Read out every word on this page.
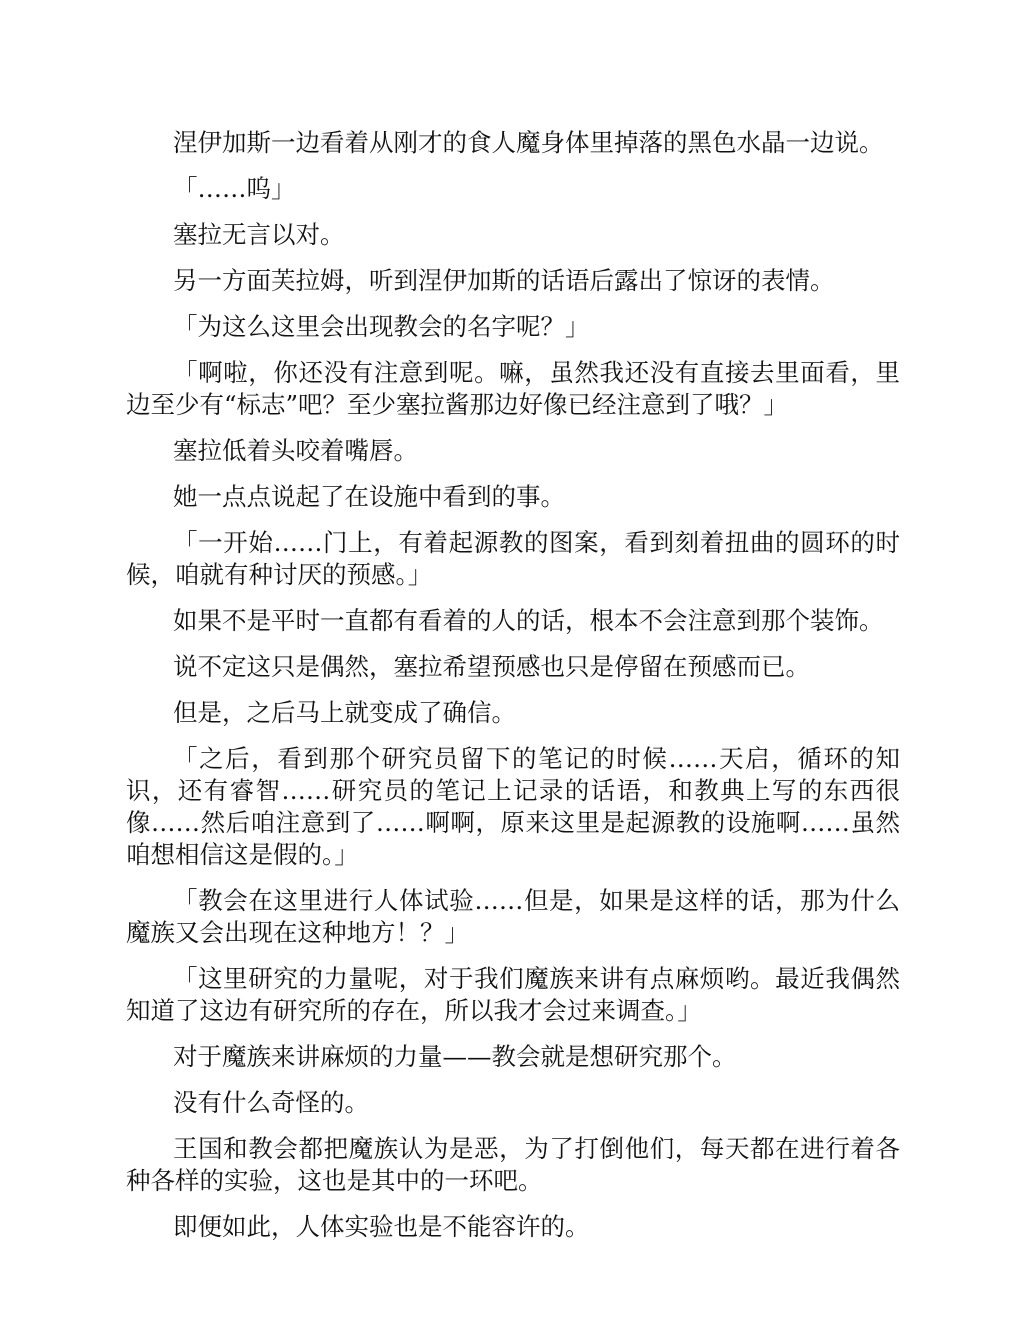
涅伊加斯一边看着从刚才的食人魔身体里掉落的黑色水晶一边说。

「……呜」

塞拉无言以对。

另一方面芙拉姆，听到涅伊加斯的话语后露出了惊讶的表情。

「为这么这里会出现教会的名字呢？」

「啊啦，你还没有注意到呢。嘛，虽然我还没有直接去里面看，里边至少有“标志”吧？至少塞拉酱那边好像已经注意到了哦？」

塞拉低着头咬着嘴唇。

她一点点说起了在设施中看到的事。

「一开始……门上，有着起源教的图案，看到刻着扭曲的圆环的时候，咱就有种讨厌的预感。」

如果不是平时一直都有看着的人的话，根本不会注意到那个装饰。

说不定这只是偶然，塞拉希望预感也只是停留在预感而已。

但是，之后马上就变成了确信。

「之后，看到那个研究员留下的笔记的时候……天启，循环的知识，还有睿智……研究员的笔记上记录的话语，和教典上写的东西很像……然后咱注意到了……啊啊，原来这里是起源教的设施啊……虽然咱想相信这是假的。」

「教会在这里进行人体试验……但是，如果是这样的话，那为什么魔族又会出现在这种地方！？」

「这里研究的力量呢，对于我们魔族来讲有点麻烦哟。最近我偶然知道了这边有研究所的存在，所以我才会过来调查。」

对于魔族来讲麻烦的力量——教会就是想研究那个。

没有什么奇怪的。

王国和教会都把魔族认为是恶，为了打倒他们，每天都在进行着各种各样的实验，这也是其中的一环吧。

即便如此，人体实验也是不能容许的。
